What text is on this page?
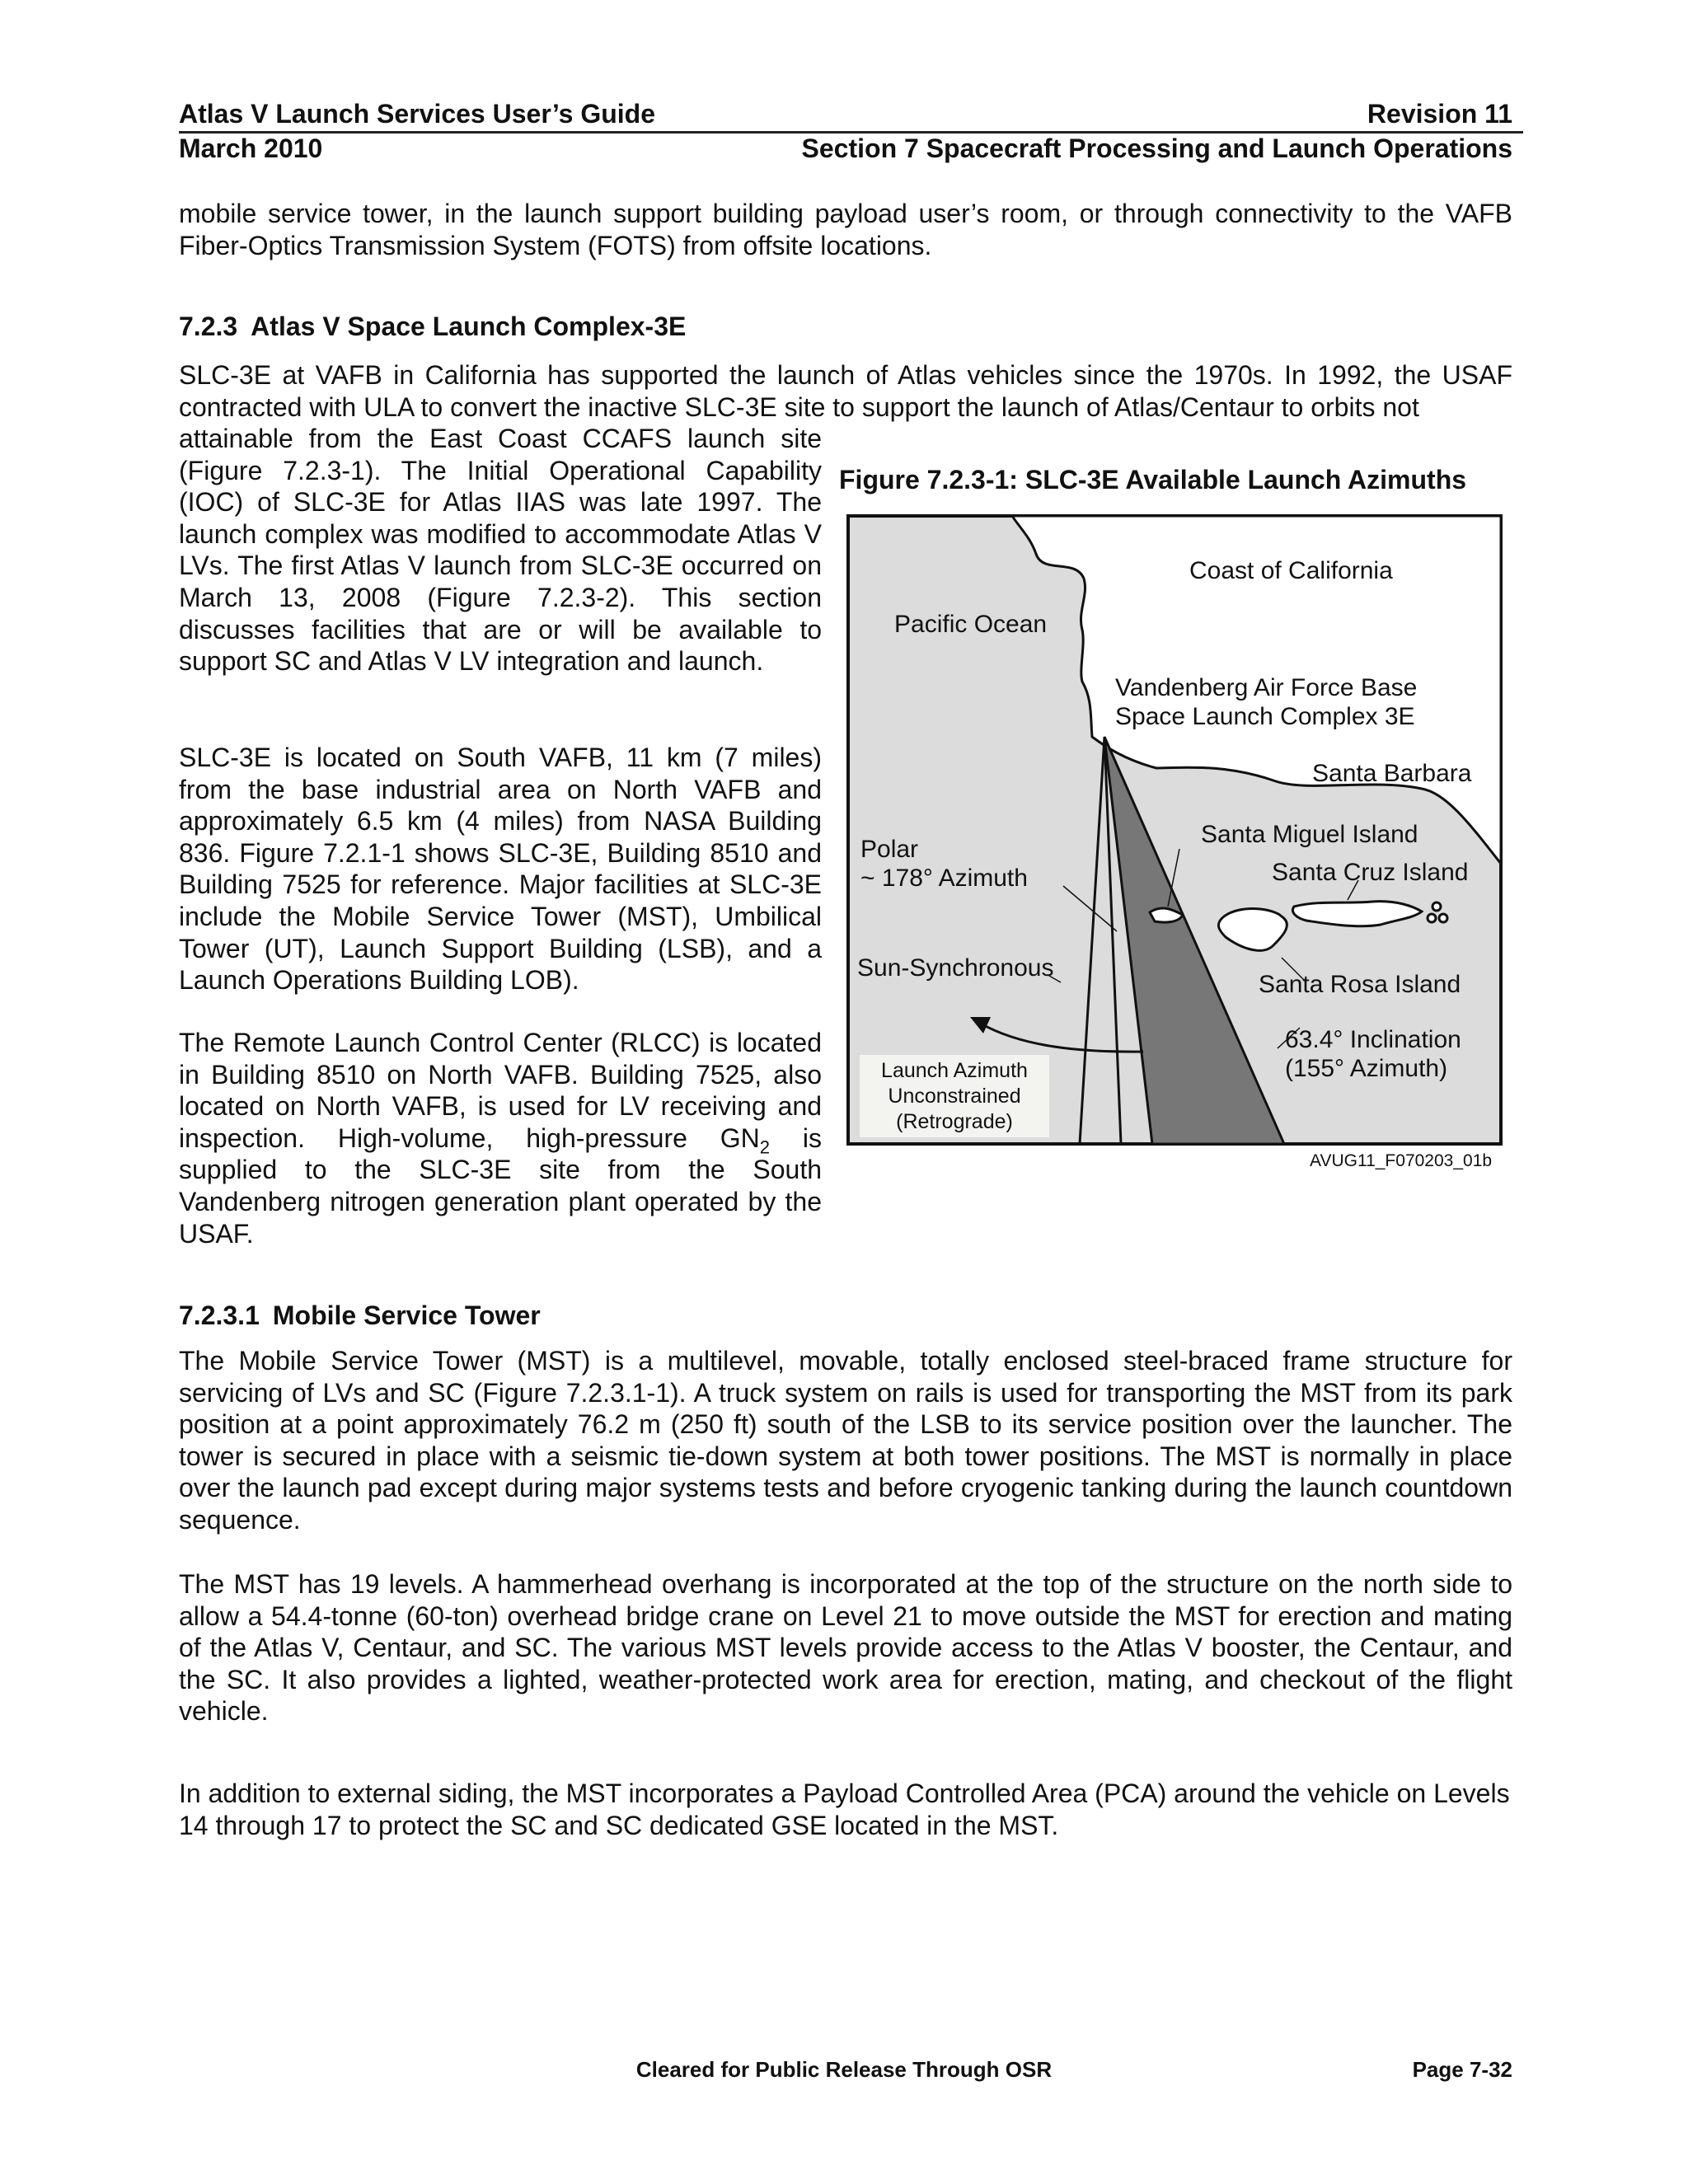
Atlas V Launch Services User’s Guide	Revision 11
March 2010	Section 7 Spacecraft Processing and Launch Operations
mobile service tower, in the launch support building payload user’s room, or through connectivity to the VAFB Fiber-Optics Transmission System (FOTS) from offsite locations.
7.2.3 Atlas V Space Launch Complex-3E
SLC-3E at VAFB in California has supported the launch of Atlas vehicles since the 1970s. In 1992, the USAF contracted with ULA to convert the inactive SLC-3E site to support the launch of Atlas/Centaur to orbits not
attainable from the East Coast CCAFS launch site (Figure 7.2.3-1). The Initial Operational Capability (IOC) of SLC-3E for Atlas IIAS was late 1997. The launch complex was modified to accommodate Atlas V LVs. The first Atlas V launch from SLC-3E occurred on March 13, 2008 (Figure 7.2.3-2). This section discusses facilities that are or will be available to support SC and Atlas V LV integration and launch.
SLC-3E is located on South VAFB, 11 km (7 miles) from the base industrial area on North VAFB and approximately 6.5 km (4 miles) from NASA Building 836. Figure 7.2.1-1 shows SLC-3E, Building 8510 and Building 7525 for reference. Major facilities at SLC-3E include the Mobile Service Tower (MST), Umbilical Tower (UT), Launch Support Building (LSB), and a Launch Operations Building LOB).
The Remote Launch Control Center (RLCC) is located in Building 8510 on North VAFB. Building 7525, also located on North VAFB, is used for LV receiving and inspection. High-volume, high-pressure $GN_2$ is supplied to the SLC-3E site from the South Vandenberg nitrogen generation plant operated by the USAF.
Figure 7.2.3-1: SLC-3E Available Launch Azimuths
Coast of California
Pacific Ocean
Vandenberg Air Force Base
Space Launch Complex 3E
Santa Barbara
Santa Miguel Island
Santa Cruz Island
Polar
~ 178° Azimuth
Sun-Synchronous
Santa Rosa Island
63.4° Inclination
(155° Azimuth)
Launch Azimuth
Unconstrained
(Retrograde)
AVUG11_F070203_01b
7.2.3.1 Mobile Service Tower
The Mobile Service Tower (MST) is a multilevel, movable, totally enclosed steel-braced frame structure for servicing of LVs and SC (Figure 7.2.3.1-1). A truck system on rails is used for transporting the MST from its park position at a point approximately 76.2 m (250 ft) south of the LSB to its service position over the launcher. The tower is secured in place with a seismic tie-down system at both tower positions. The MST is normally in place over the launch pad except during major systems tests and before cryogenic tanking during the launch countdown sequence.
The MST has 19 levels. A hammerhead overhang is incorporated at the top of the structure on the north side to allow a 54.4-tonne (60-ton) overhead bridge crane on Level 21 to move outside the MST for erection and mating of the Atlas V, Centaur, and SC. The various MST levels provide access to the Atlas V booster, the Centaur, and the SC. It also provides a lighted, weather-protected work area for erection, mating, and checkout of the flight vehicle.
In addition to external siding, the MST incorporates a Payload Controlled Area (PCA) around the vehicle on Levels 14 through 17 to protect the SC and SC dedicated GSE located in the MST.
Cleared for Public Release Through OSR	Page 7-32
